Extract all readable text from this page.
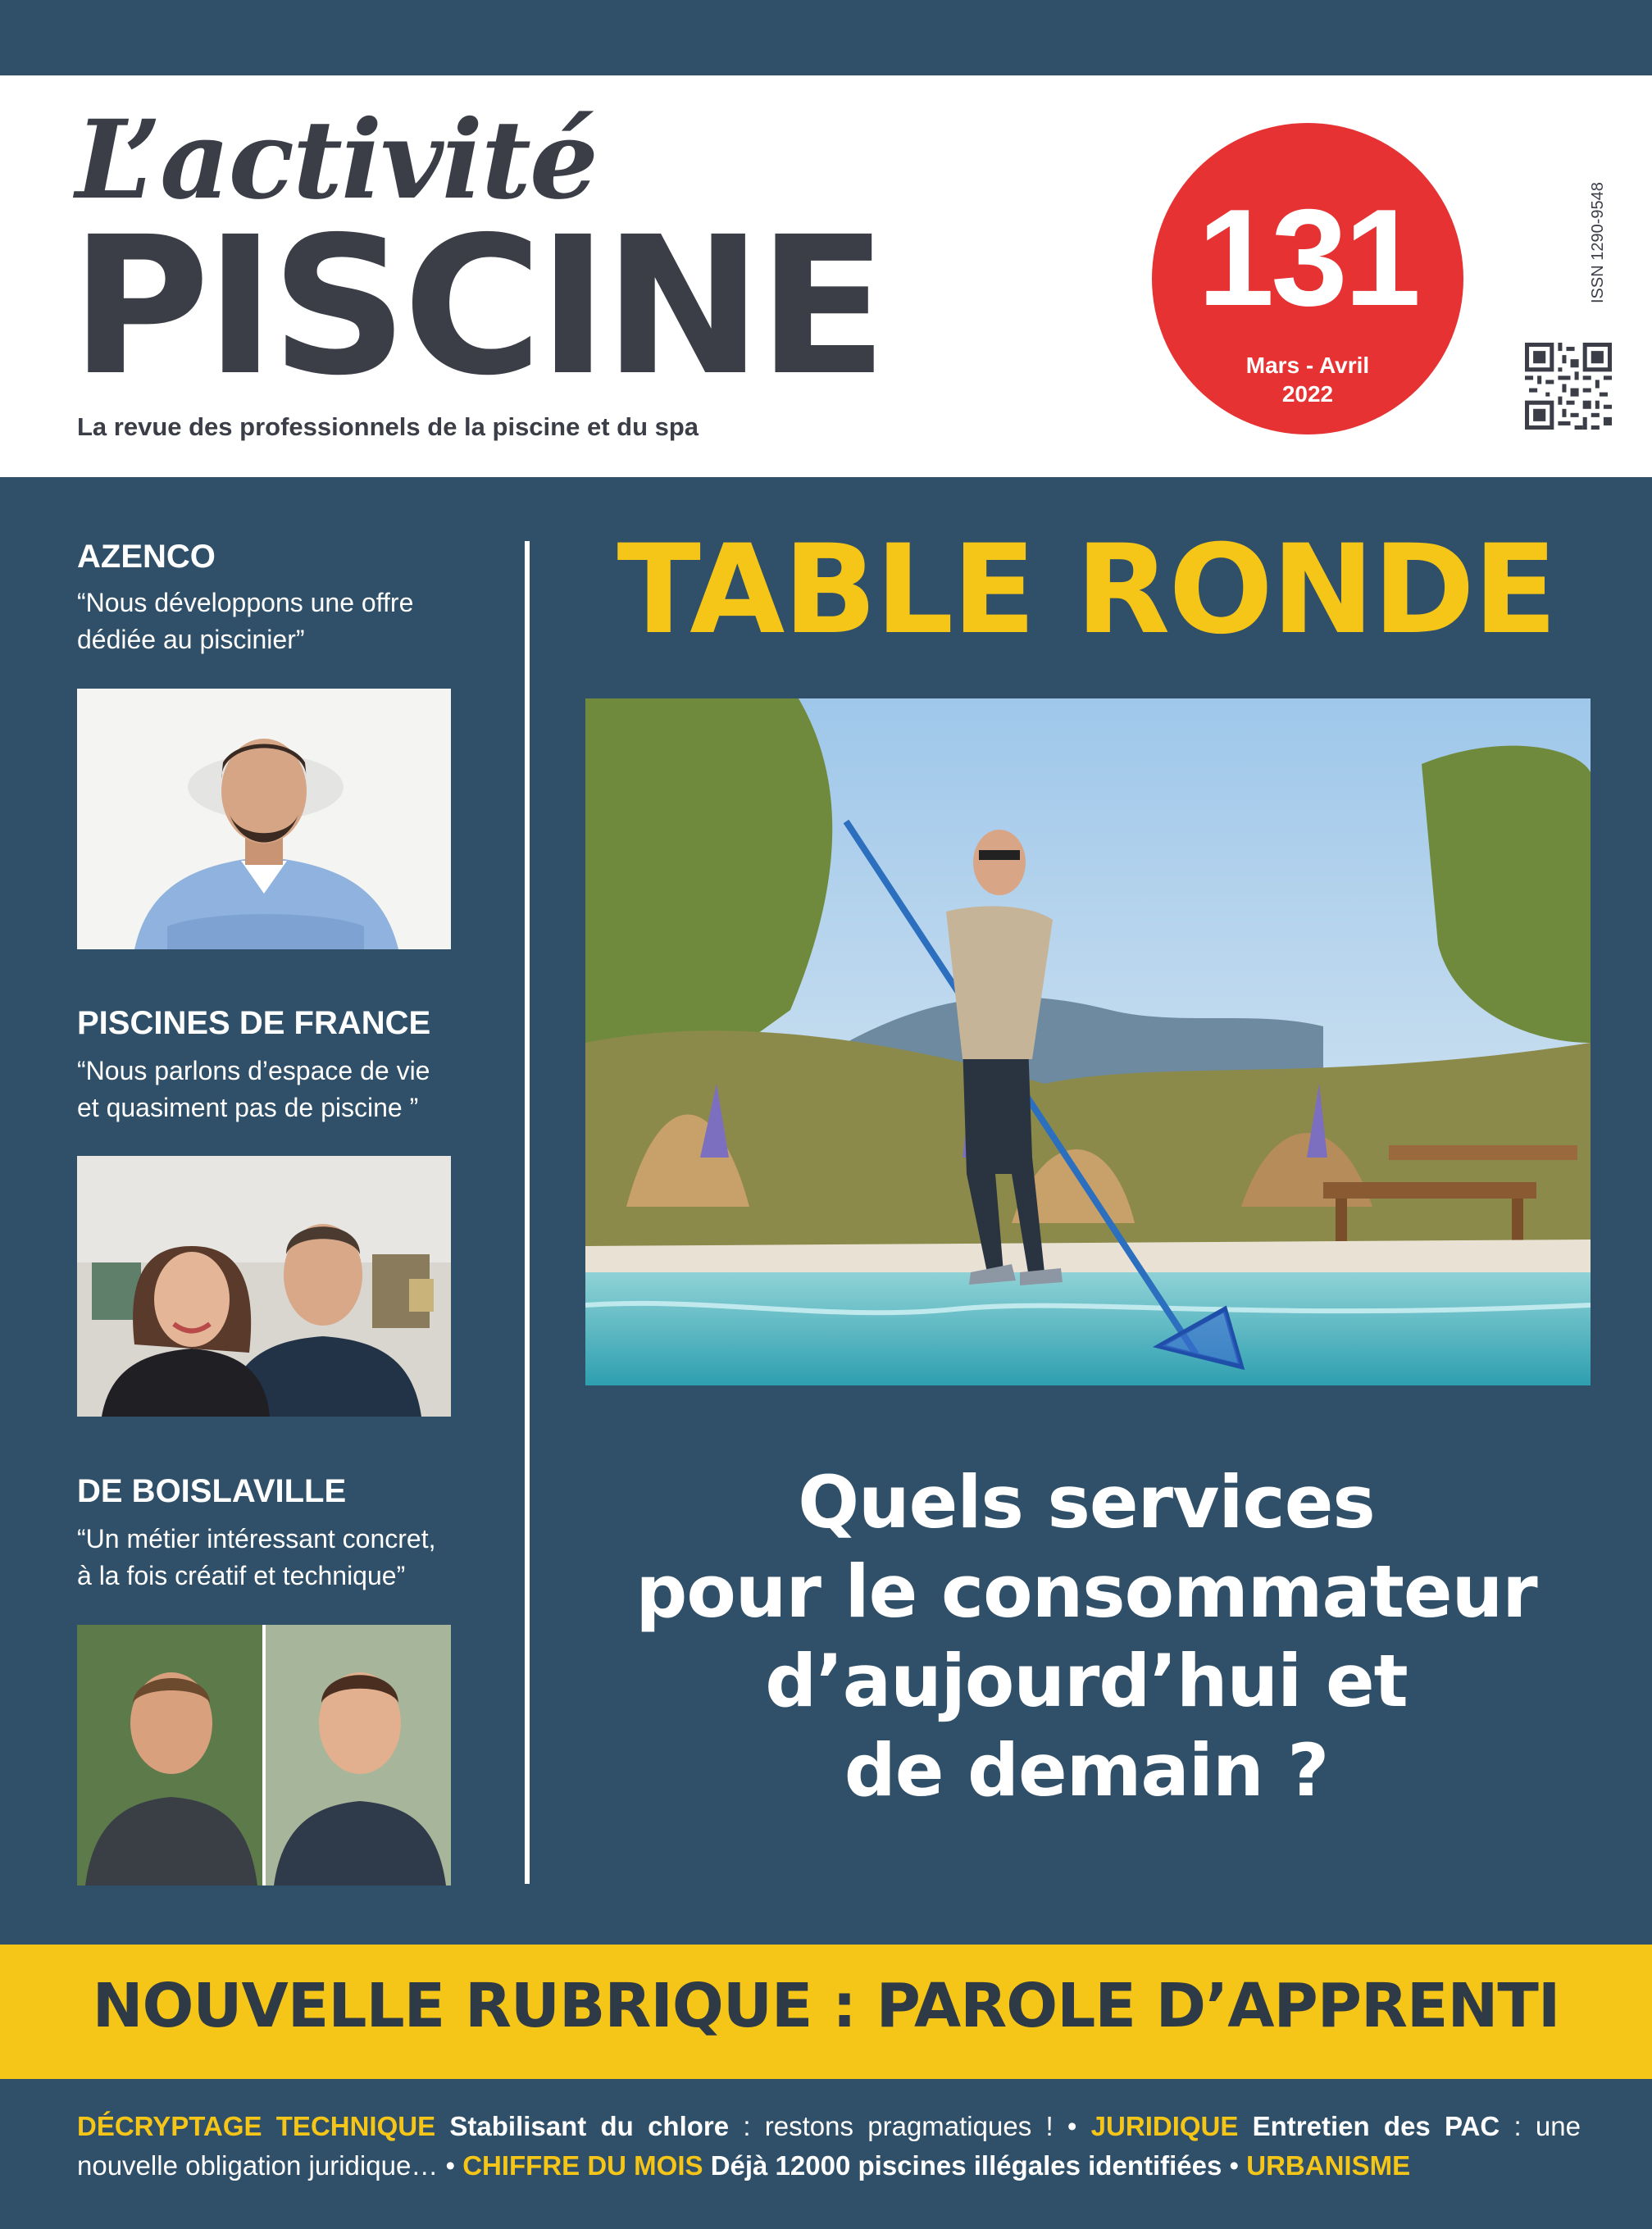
L’activité
PISCINE
La revue des professionnels de la piscine et du spa
131
Mars - Avril
2022
ISSN 1290-9548
AZENCO
“Nous développons une offre
dédiée au piscinier”
PISCINES DE FRANCE
“Nous parlons d’espace de vie
et quasiment pas de piscine ”
DE BOISLAVILLE
“Un métier intéressant concret,
à la fois créatif et technique”
TABLE RONDE
Quels services
pour le consommateur
d’aujourd’hui et
de demain ?
NOUVELLE RUBRIQUE : PAROLE D’APPRENTI
DÉCRYPTAGE TECHNIQUE Stabilisant du chlore : restons pragmatiques ! • JURIDIQUE Entretien des PAC : une nouvelle obligation juridique… • CHIFFRE DU MOIS Déjà 12000 piscines illégales identifiées • URBANISME
